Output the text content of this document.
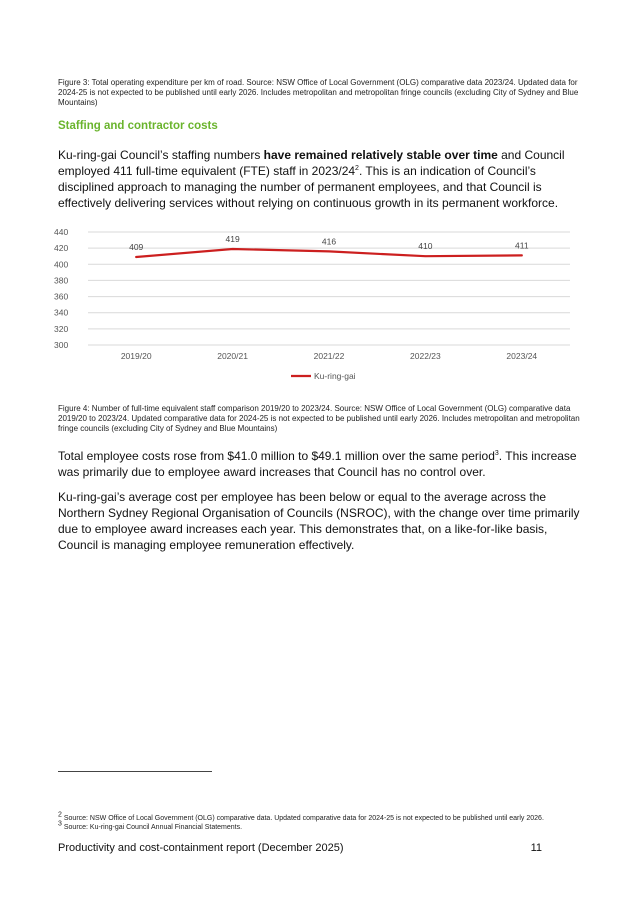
Figure 3: Total operating expenditure per km of road. Source: NSW Office of Local Government (OLG) comparative data 2023/24. Updated data for 2024-25 is not expected to be published until early 2026. Includes metropolitan and metropolitan fringe councils (excluding City of Sydney and Blue Mountains)
Staffing and contractor costs
Ku-ring-gai Council’s staffing numbers have remained relatively stable over time and Council employed 411 full-time equivalent (FTE) staff in $2023/24^2$. This is an indication of Council’s disciplined approach to managing the number of permanent employees, and that Council is effectively delivering services without relying on continuous growth in its permanent workforce.
300
320
340
360
380
400
420
440
2019/20	2020/21	2021/22	2022/23	2023/24
409
419	416	410	411
Ku-ring-gai
Figure 4: Number of full-time equivalent staff comparison 2019/20 to 2023/24. Source: NSW Office of Local Government (OLG) comparative data 2019/20 to 2023/24. Updated comparative data for 2024-25 is not expected to be published until early 2026. Includes metropolitan and metropolitan fringe councils (excluding City of Sydney and Blue Mountains)
Total employee costs rose from $41.0 million to $49.1 million over the same period$^3$. This increase was primarily due to employee award increases that Council has no control over.
Ku-ring-gai’s average cost per employee has been below or equal to the average across the Northern Sydney Regional Organisation of Councils (NSROC), with the change over time primarily due to employee award increases each year. This demonstrates that, on a like-for-like basis, Council is managing employee remuneration effectively.
$^2$ Source: NSW Office of Local Government (OLG) comparative data. Updated comparative data for 2024-25 is not expected to be published until early 2026.
$^3$ Source: Ku-ring-gai Council Annual Financial Statements.
Productivity and cost-containment report (December 2025)	11
